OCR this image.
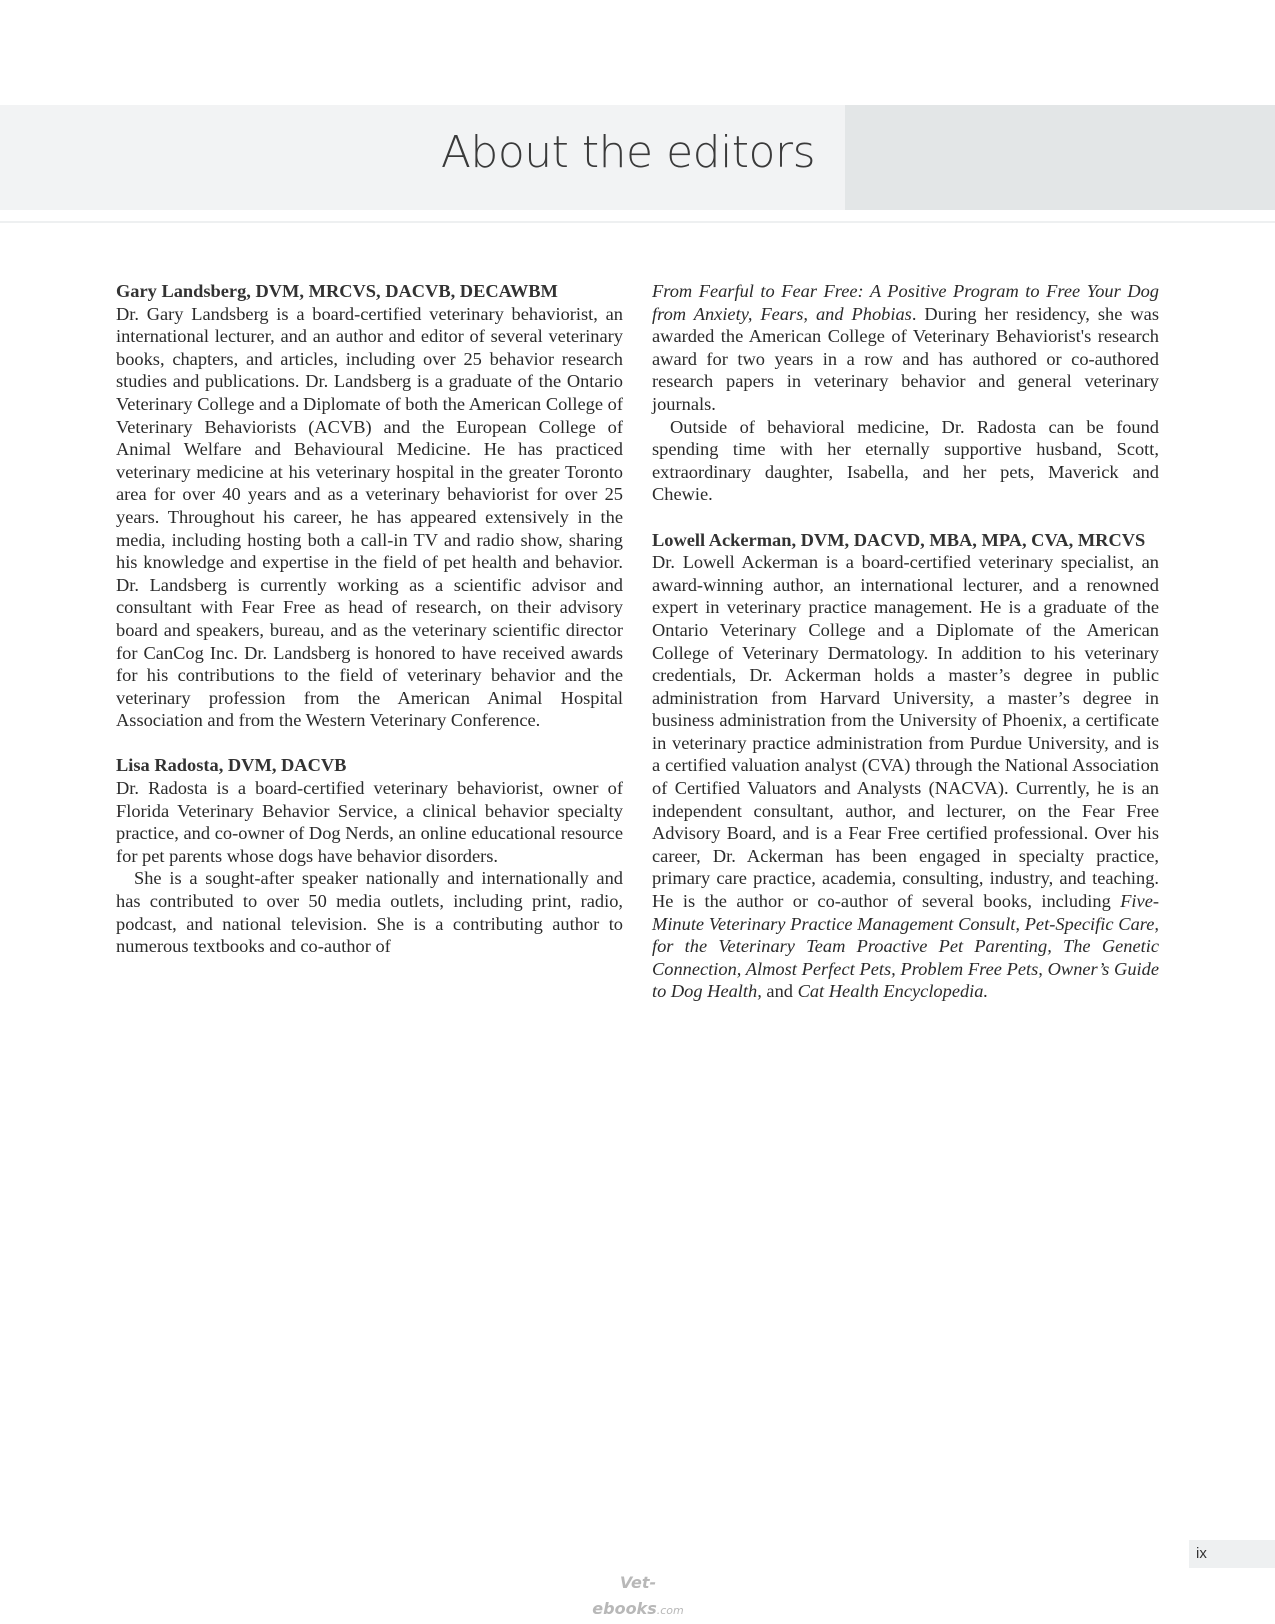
About the editors
Gary Landsberg, DVM, MRCVS, DACVB, DECAWBM

Dr. Gary Landsberg is a board-certified veterinary behaviorist, an international lecturer, and an author and editor of several veterinary books, chapters, and articles, including over 25 behavior research studies and publications. Dr. Landsberg is a graduate of the Ontario Veterinary College and a Diplomate of both the American College of Veterinary Behaviorists (ACVB) and the European College of Animal Welfare and Behavioural Medicine. He has practiced veterinary medicine at his veterinary hospital in the greater Toronto area for over 40 years and as a veterinary behaviorist for over 25 years. Throughout his career, he has appeared extensively in the media, including hosting both a call-in TV and radio show, sharing his knowledge and expertise in the field of pet health and behavior. Dr. Landsberg is currently working as a scientific advisor and consultant with Fear Free as head of research, on their advisory board and speakers, bureau, and as the veterinary scientific director for CanCog Inc. Dr. Landsberg is honored to have received awards for his contributions to the field of veterinary behavior and the veterinary profession from the American Animal Hospital Association and from the Western Veterinary Conference.

Lisa Radosta, DVM, DACVB

Dr. Radosta is a board-certified veterinary behaviorist, owner of Florida Veterinary Behavior Service, a clinical behavior specialty practice, and co-owner of Dog Nerds, an online educational resource for pet parents whose dogs have behavior disorders.

She is a sought-after speaker nationally and internationally and has contributed to over 50 media outlets, including print, radio, podcast, and national television. She is a contributing author to numerous textbooks and co-author of

From Fearful to Fear Free: A Positive Program to Free Your Dog from Anxiety, Fears, and Phobias. During her residency, she was awarded the American College of Veterinary Behaviorist's research award for two years in a row and has authored or co-authored research papers in veterinary behavior and general veterinary journals.

Outside of behavioral medicine, Dr. Radosta can be found spending time with her eternally supportive husband, Scott, extraordinary daughter, Isabella, and her pets, Maverick and Chewie.

Lowell Ackerman, DVM, DACVD, MBA, MPA, CVA, MRCVS

Dr. Lowell Ackerman is a board-certified veterinary specialist, an award-winning author, an international lecturer, and a renowned expert in veterinary practice management. He is a graduate of the Ontario Veterinary College and a Diplomate of the American College of Veterinary Dermatology. In addition to his veterinary credentials, Dr. Ackerman holds a master’s degree in public administration from Harvard University, a master’s degree in business administration from the University of Phoenix, a certificate in veterinary practice administration from Purdue University, and is a certified valuation analyst (CVA) through the National Association of Certified Valuators and Analysts (NACVA). Currently, he is an independent consultant, author, and lecturer, on the Fear Free Advisory Board, and is a Fear Free certified professional. Over his career, Dr. Ackerman has been engaged in specialty practice, primary care practice, academia, consulting, industry, and teaching. He is the author or co-author of several books, including Five-Minute Veterinary Practice Management Consult, Pet-Specific Care, for the Veterinary Team Proactive Pet Parenting, The Genetic Connection, Almost Perfect Pets, Problem Free Pets, Owner’s Guide to Dog Health, and Cat Health Encyclopedia.

ix
Vet-ebooks.com
